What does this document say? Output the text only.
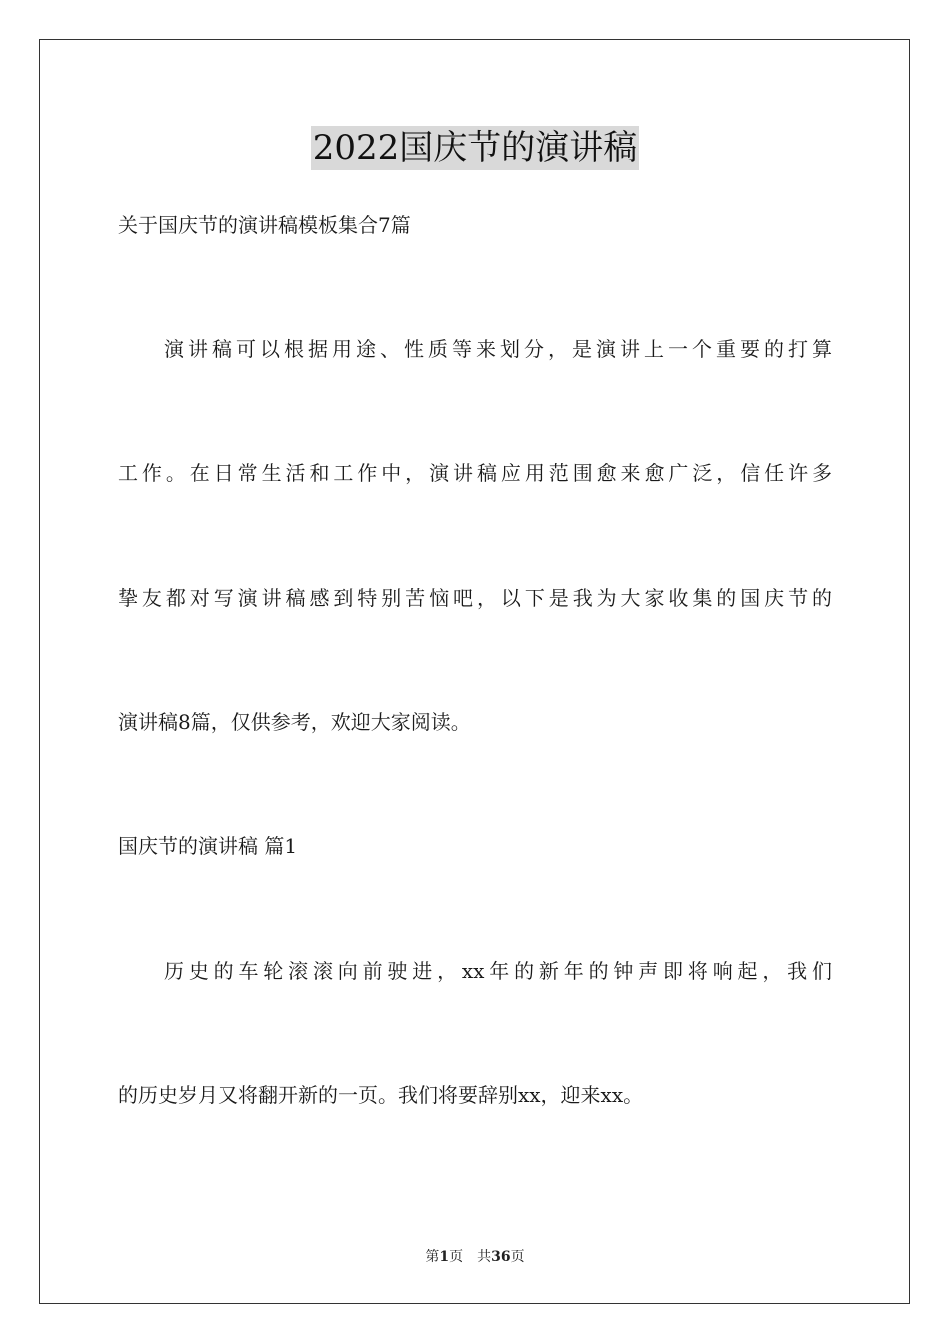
2022国庆节的演讲稿
关于国庆节的演讲稿模板集合7篇
演讲稿可以根据用途、性质等来划分，是演讲上一个重要的打算
工作。在日常生活和工作中，演讲稿应用范围愈来愈广泛，信任许多
挚友都对写演讲稿感到特别苦恼吧，以下是我为大家收集的国庆节的
演讲稿8篇，仅供参考，欢迎大家阅读。
国庆节的演讲稿 篇1
历史的车轮滚滚向前驶进，xx年的新年的钟声即将响起，我们
的历史岁月又将翻开新的一页。我们将要辞别xx，迎来xx。
第1页 共36页
